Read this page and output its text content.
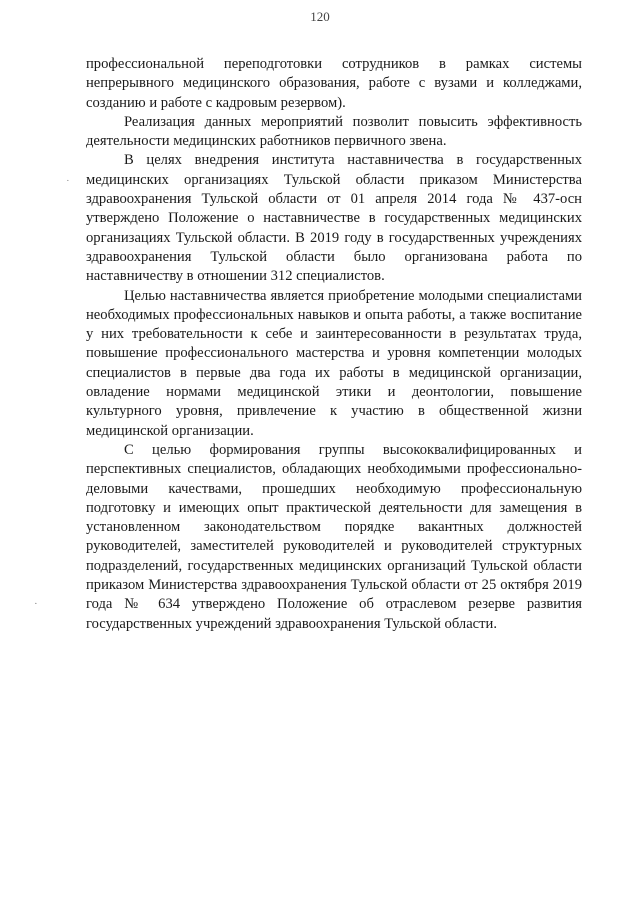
120

профессиональной переподготовки сотрудников в рамках системы непрерывного медицинского образования, работе с вузами и колледжами, созданию и работе с кадровым резервом).

Реализация данных мероприятий позволит повысить эффективность деятельности медицинских работников первичного звена.

В целях внедрения института наставничества в государственных медицинских организациях Тульской области приказом Министерства здравоохранения Тульской области от 01 апреля 2014 года № 437-осн утверждено Положение о наставничестве в государственных медицинских организациях Тульской области. В 2019 году в государственных учреждениях здравоохранения Тульской области было организована работа по наставничеству в отношении 312 специалистов.

Целью наставничества является приобретение молодыми специалистами необходимых профессиональных навыков и опыта работы, а также воспитание у них требовательности к себе и заинтересованности в результатах труда, повышение профессионального мастерства и уровня компетенции молодых специалистов в первые два года их работы в медицинской организации, овладение нормами медицинской этики и деонтологии, повышение культурного уровня, привлечение к участию в общественной жизни медицинской организации.

С целью формирования группы высококвалифицированных и перспективных специалистов, обладающих необходимыми профессионально-деловыми качествами, прошедших необходимую профессиональную подготовку и имеющих опыт практической деятельности для замещения в установленном законодательством порядке вакантных должностей руководителей, заместителей руководителей и руководителей структурных подразделений, государственных медицинских организаций Тульской области приказом Министерства здравоохранения Тульской области от 25 октября 2019 года № 634 утверждено Положение об отраслевом резерве развития государственных учреждений здравоохранения Тульской области.

˙
·
